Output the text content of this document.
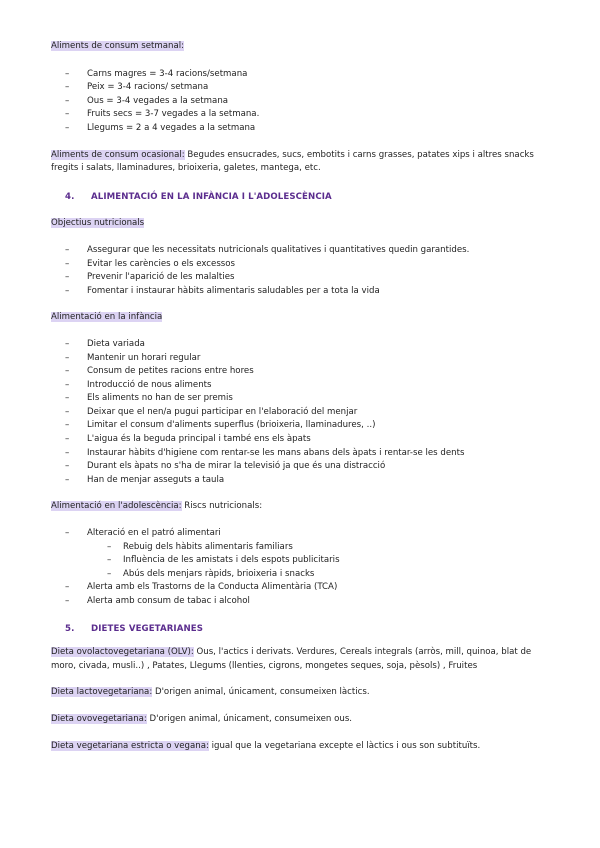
Aliments de consum setmanal:

– Carns magres = 3-4 racions/setmana
– Peix = 3-4 racions/ setmana
– Ous = 3-4 vegades a la setmana
– Fruits secs = 3-7 vegades a la setmana.
– Llegums = 2 a 4 vegades a la setmana

Aliments de consum ocasional: Begudes ensucrades, sucs, embotits i carns grasses, patates xips i altres snacks fregits i salats, llaminadures, brioixeria, galetes, mantega, etc.

4. ALIMENTACIÓ EN LA INFÀNCIA I L'ADOLESCÈNCIA

Objectius nutricionals

– Assegurar que les necessitats nutricionals qualitatives i quantitatives quedin garantides.
– Evitar les carències o els excessos
– Prevenir l'aparició de les malalties
– Fomentar i instaurar hàbits alimentaris saludables per a tota la vida

Alimentació en la infància

– Dieta variada
– Mantenir un horari regular
– Consum de petites racions entre hores
– Introducció de nous aliments
– Els aliments no han de ser premis
– Deixar que el nen/a pugui participar en l'elaboració del menjar
– Limitar el consum d'aliments superflus (brioixeria, llaminadures, ..)
– L'aigua és la beguda principal i també ens els àpats
– Instaurar hàbits d'higiene com rentar-se les mans abans dels àpats i rentar-se les dents
– Durant els àpats no s'ha de mirar la televisió ja que és una distracció
– Han de menjar asseguts a taula

Alimentació en l'adolescència: Riscs nutricionals:

– Alteració en el patró alimentari
– Rebuig dels hàbits alimentaris familiars
– Influència de les amistats i dels espots publicitaris
– Abús dels menjars ràpids, brioixeria i snacks
– Alerta amb els Trastorns de la Conducta Alimentària (TCA)
– Alerta amb consum de tabac i alcohol

5. DIETES VEGETARIANES

Dieta ovolactovegetariana (OLV): Ous, l'actics i derivats. Verdures, Cereals integrals (arròs, mill, quinoa, blat de moro, civada, musli..) , Patates, Llegums (llenties, cigrons, mongetes seques, soja, pèsols) , Fruites

Dieta lactovegetariana: D'origen animal, únicament, consumeixen làctics.

Dieta ovovegetariana: D'origen animal, únicament, consumeixen ous.

Dieta vegetariana estricta o vegana: igual que la vegetariana excepte el làctics i ous son subtituïts.
